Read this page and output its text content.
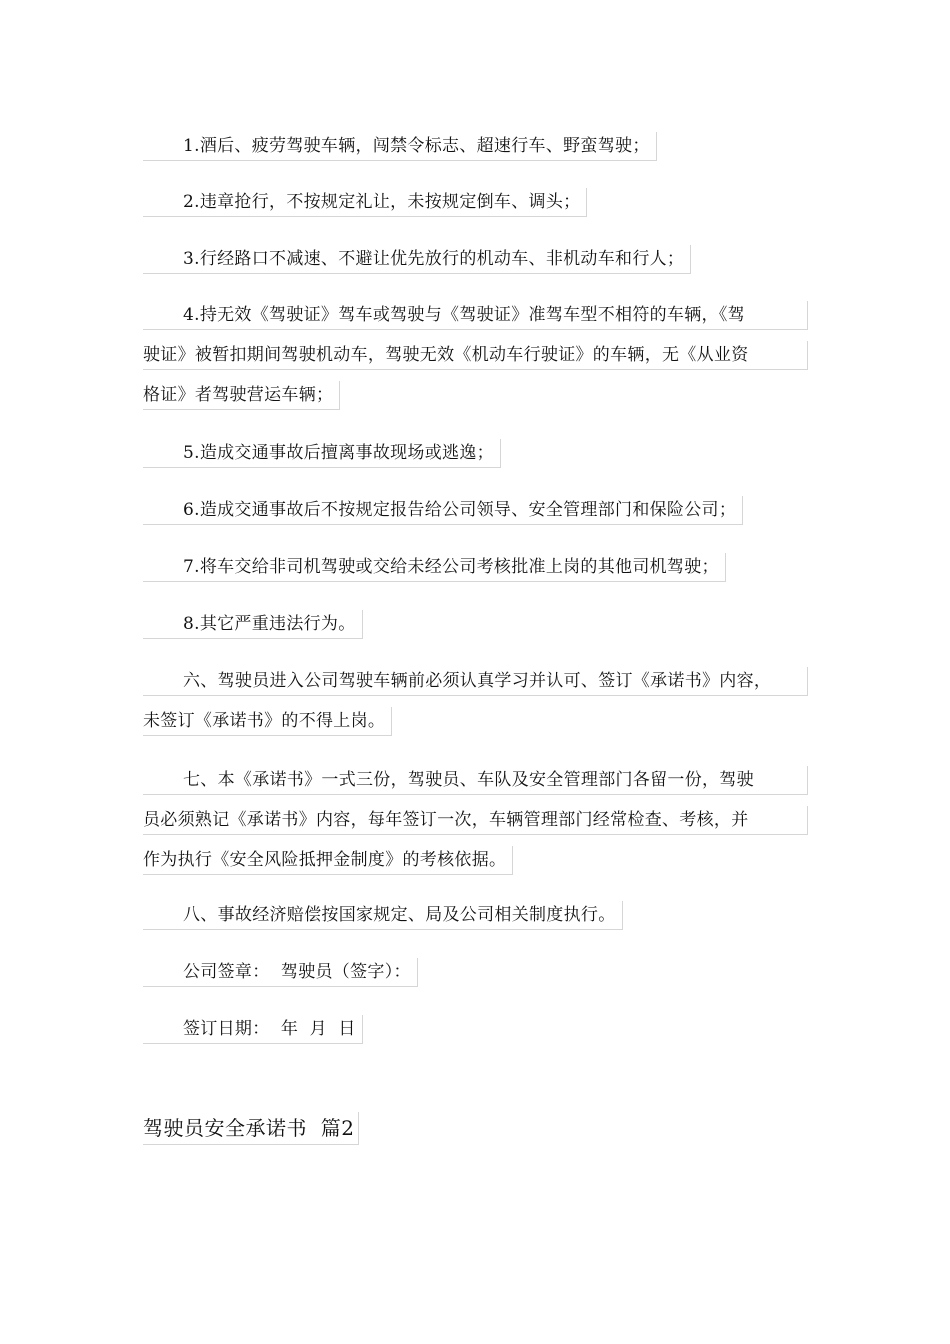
1.酒后、疲劳驾驶车辆，闯禁令标志、超速行车、野蛮驾驶；
2.违章抢行，不按规定礼让，未按规定倒车、调头；
3.行经路口不减速、不避让优先放行的机动车、非机动车和行人；
4.持无效《驾驶证》驾车或驾驶与《驾驶证》准驾车型不相符的车辆，《驾
驶证》被暂扣期间驾驶机动车，驾驶无效《机动车行驶证》的车辆，无《从业资
格证》者驾驶营运车辆；
5.造成交通事故后擅离事故现场或逃逸；
6.造成交通事故后不按规定报告给公司领导、安全管理部门和保险公司；
7.将车交给非司机驾驶或交给未经公司考核批准上岗的其他司机驾驶；
8.其它严重违法行为。
六、驾驶员进入公司驾驶车辆前必须认真学习并认可、签订《承诺书》内容，
未签订《承诺书》的不得上岗。
七、本《承诺书》一式三份，驾驶员、车队及安全管理部门各留一份，驾驶
员必须熟记《承诺书》内容，每年签订一次，车辆管理部门经常检查、考核，并
作为执行《安全风险抵押金制度》的考核依据。
八、事故经济赔偿按国家规定、局及公司相关制度执行。
公司签章：  驾驶员（签字）：
签订日期：  年  月  日
驾驶员安全承诺书  篇2
